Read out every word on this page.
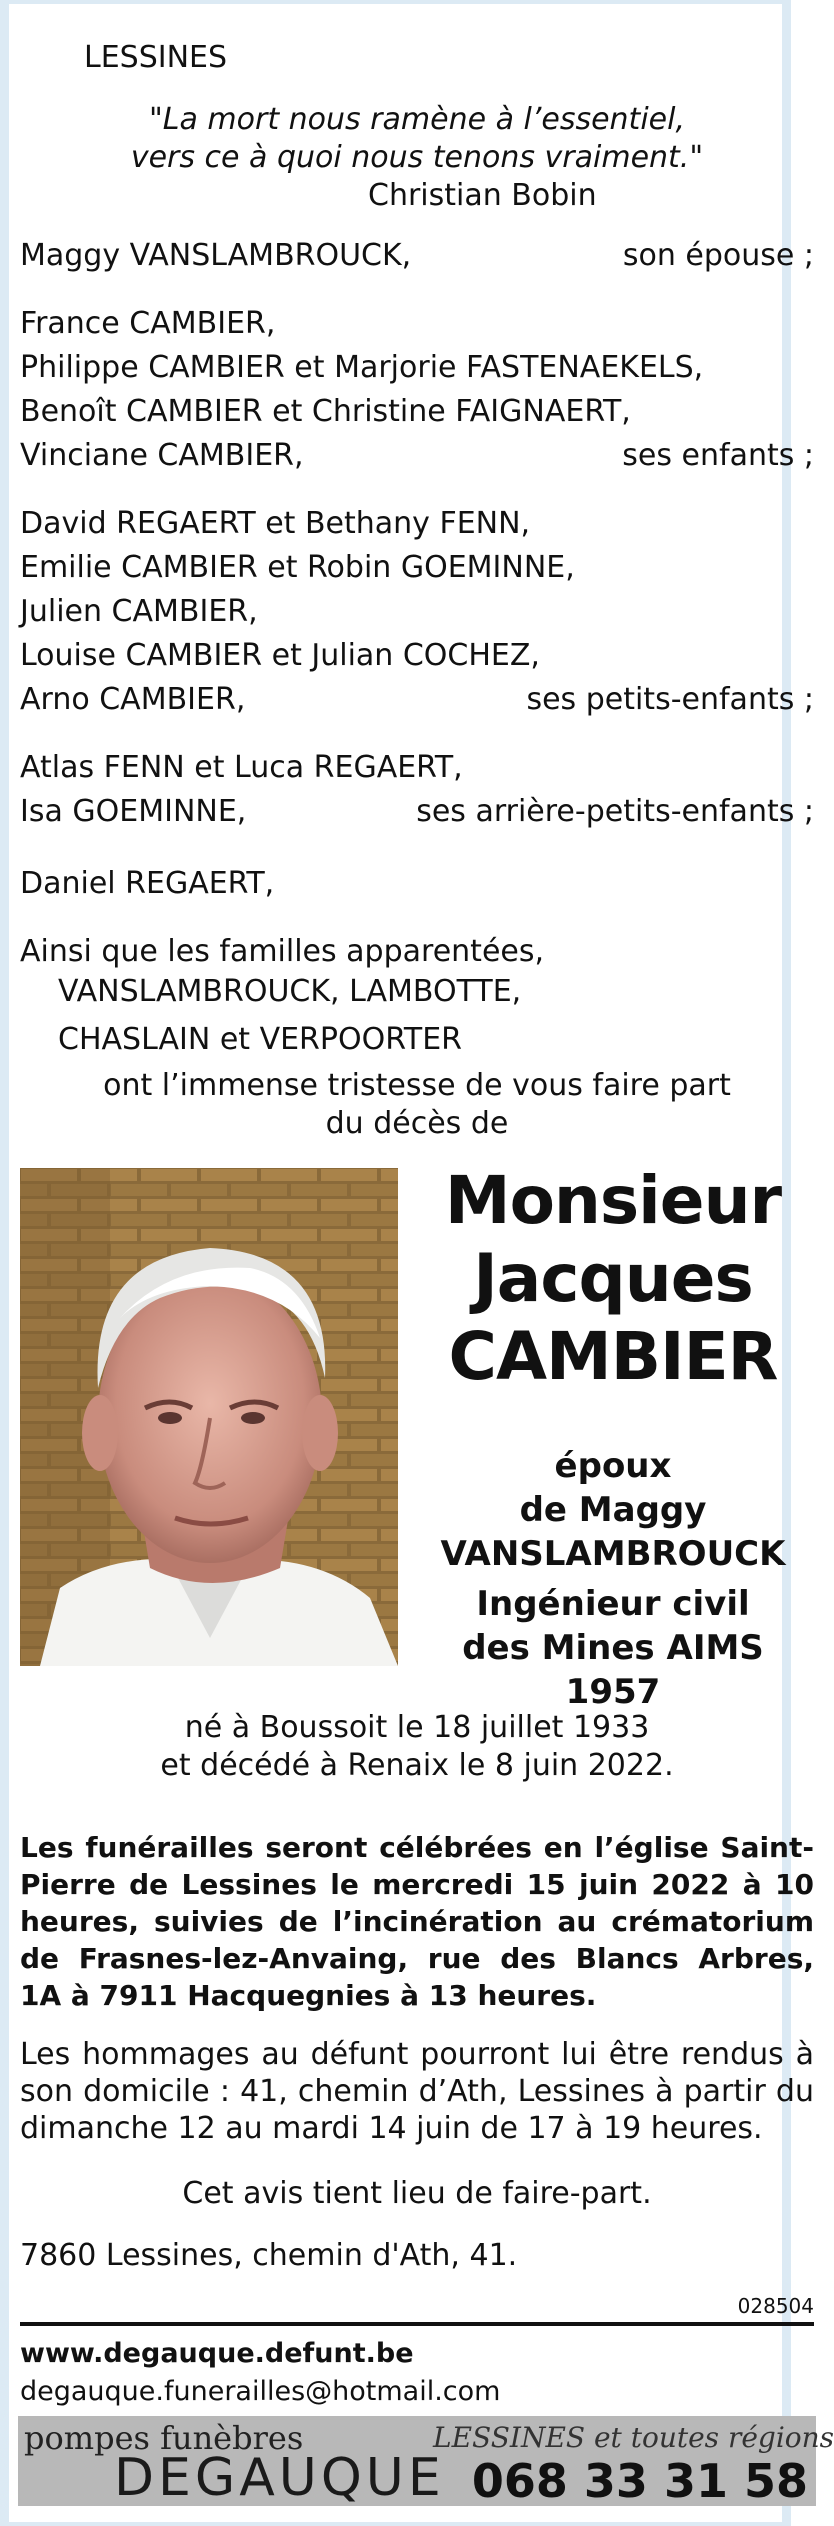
LESSINES
"La mort nous ramène à l’essentiel,
vers ce à quoi nous tenons vraiment."
Christian Bobin
Maggy VANSLAMBROUCK,	son épouse ;
France CAMBIER,
Philippe CAMBIER et Marjorie FASTENAEKELS,
Benoît CAMBIER et Christine FAIGNAERT,
Vinciane CAMBIER,	ses enfants ;
David REGAERT et Bethany FENN,
Emilie CAMBIER et Robin GOEMINNE,
Julien CAMBIER,
Louise CAMBIER et Julian COCHEZ,
Arno CAMBIER,	ses petits-enfants ;
Atlas FENN et Luca REGAERT,
Isa GOEMINNE,	ses arrière-petits-enfants ;
Daniel REGAERT,
Ainsi que les familles apparentées,
VANSLAMBROUCK, LAMBOTTE,
CHASLAIN et VERPOORTER
ont l’immense tristesse de vous faire part
du décès de
Monsieur
Jacques
CAMBIER
époux
de Maggy
VANSLAMBROUCK
Ingénieur civil
des Mines AIMS 1957
né à Boussoit le 18 juillet 1933
et décédé à Renaix le 8 juin 2022.
Les funérailles seront célébrées en l’église Saint-Pierre de Lessines le mercredi 15 juin 2022 à 10 heures, suivies de l’incinération au crématorium de Frasnes-lez-Anvaing, rue des Blancs Arbres, 1A à 7911 Hacquegnies à 13 heures.
Les hommages au défunt pourront lui être rendus à son domicile : 41, chemin d’Ath, Lessines à partir du dimanche 12 au mardi 14 juin de 17 à 19 heures.
Cet avis tient lieu de faire-part.
7860 Lessines, chemin d'Ath, 41.
028504
www.degauque.defunt.be
degauque.funerailles@hotmail.com
pompes funèbres
DEGAUQUE
LESSINES et toutes régions
068 33 31 58
